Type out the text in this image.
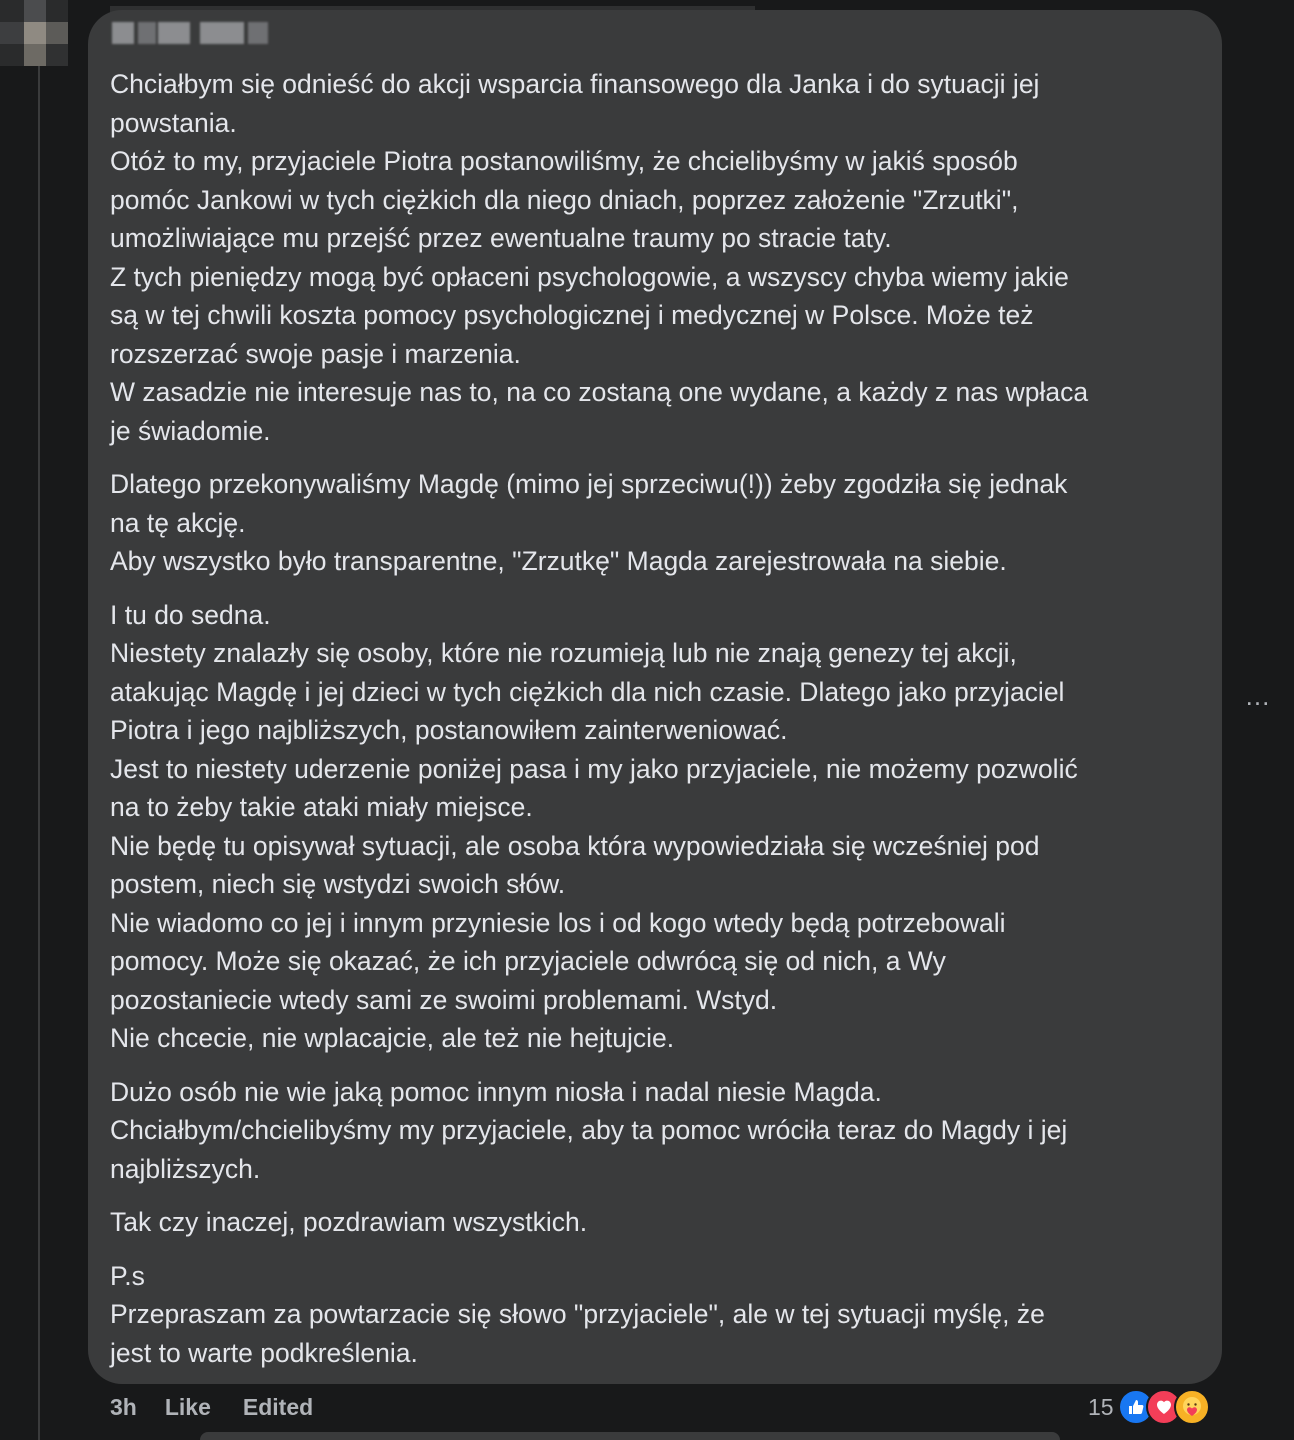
Chciałbym się odnieść do akcji wsparcia finansowego dla Janka i do sytuacji jej
powstania.
Otóż to my, przyjaciele Piotra postanowiliśmy, że chcielibyśmy w jakiś sposób
pomóc Jankowi w tych ciężkich dla niego dniach, poprzez założenie "Zrzutki",
umożliwiające mu przejść przez ewentualne traumy po stracie taty.
Z tych pieniędzy mogą być opłaceni psychologowie, a wszyscy chyba wiemy jakie
są w tej chwili koszta pomocy psychologicznej i medycznej w Polsce. Może też
rozszerzać swoje pasje i marzenia.
W zasadzie nie interesuje nas to, na co zostaną one wydane, a każdy z nas wpłaca
je świadomie.
Dlatego przekonywaliśmy Magdę (mimo jej sprzeciwu(!)) żeby zgodziła się jednak
na tę akcję.
Aby wszystko było transparentne, "Zrzutkę" Magda zarejestrowała na siebie.
I tu do sedna.
Niestety znalazły się osoby, które nie rozumieją lub nie znają genezy tej akcji,
atakując Magdę i jej dzieci w tych ciężkich dla nich czasie. Dlatego jako przyjaciel
Piotra i jego najbliższych, postanowiłem zainterweniować.
Jest to niestety uderzenie poniżej pasa i my jako przyjaciele, nie możemy pozwolić
na to żeby takie ataki miały miejsce.
Nie będę tu opisywał sytuacji, ale osoba która wypowiedziała się wcześniej pod
postem, niech się wstydzi swoich słów.
Nie wiadomo co jej i innym przyniesie los i od kogo wtedy będą potrzebowali
pomocy. Może się okazać, że ich przyjaciele odwrócą się od nich, a Wy
pozostaniecie wtedy sami ze swoimi problemami. Wstyd.
Nie chcecie, nie wplacajcie, ale też nie hejtujcie.
Dużo osób nie wie jaką pomoc innym niosła i nadal niesie Magda.
Chciałbym/chcielibyśmy my przyjaciele, aby ta pomoc wróciła teraz do Magdy i jej
najbliższych.
Tak czy inaczej, pozdrawiam wszystkich.
P.s
Przepraszam za powtarzacie się słowo "przyjaciele", ale w tej sytuacji myślę, że
jest to warte podkreślenia.
...
3h Like Edited	15
